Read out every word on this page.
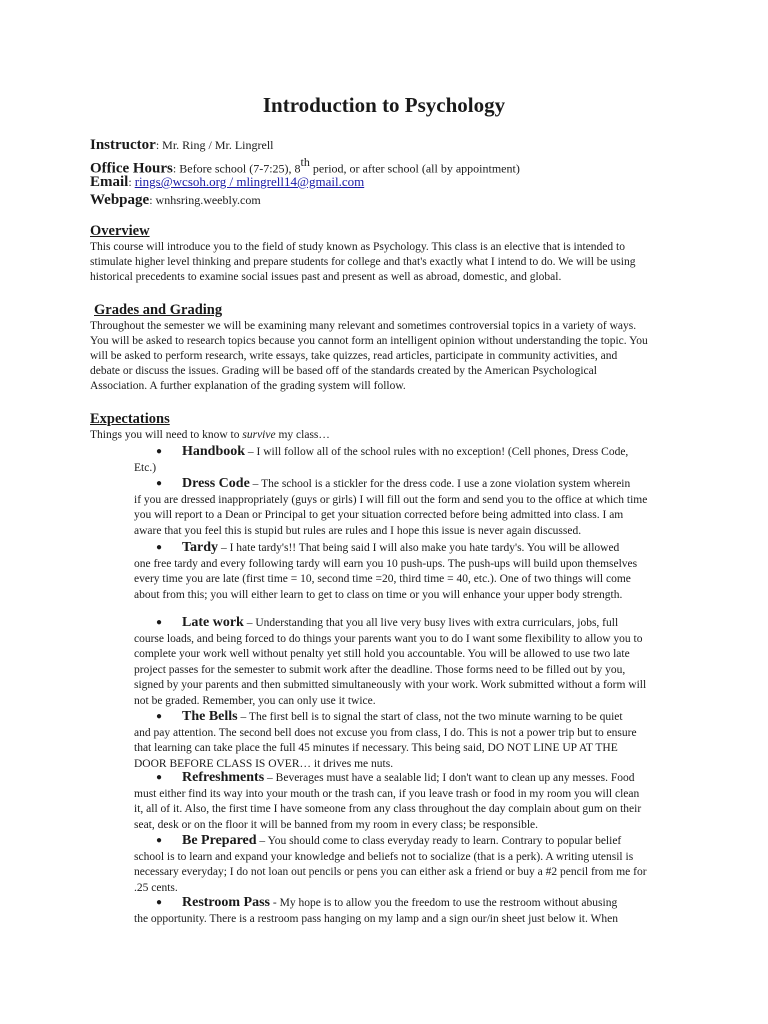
Introduction to Psychology
Instructor: Mr. Ring / Mr. Lingrell
Office Hours: Before school (7-7:25), 8th period, or after school (all by appointment)
Email: rings@wcsoh.org / mlingrell14@gmail.com
Webpage: wnhsring.weebly.com
Overview

This course will introduce you to the field of study known as Psychology. This class is an elective that is intended to stimulate higher level thinking and prepare students for college and that's exactly what I intend to do. We will be using historical precedents to examine social issues past and present as well as abroad, domestic, and global.

Grades and Grading

Throughout the semester we will be examining many relevant and sometimes controversial topics in a variety of ways. You will be asked to research topics because you cannot form an intelligent opinion without understanding the topic. You will be asked to perform research, write essays, take quizzes, read articles, participate in community activities, and debate or discuss the issues. Grading will be based off of the standards created by the American Psychological Association. A further explanation of the grading system will follow.

Expectations

Things you will need to know to survive my class…

●	Handbook – I will follow all of the school rules with no exception! (Cell phones, Dress Code,
Etc.)
●	Dress Code – The school is a stickler for the dress code. I use a zone violation system wherein
if you are dressed inappropriately (guys or girls) I will fill out the form and send you to the office at which time you will report to a Dean or Principal to get your situation corrected before being admitted into class. I am aware that you feel this is stupid but rules are rules and I hope this issue is never again discussed.
●	Tardy – I hate tardy's!! That being said I will also make you hate tardy's. You will be allowed
one free tardy and every following tardy will earn you 10 push-ups. The push-ups will build upon themselves every time you are late (first time = 10, second time =20, third time = 40, etc.). One of two things will come about from this; you will either learn to get to class on time or you will enhance your upper body strength.
●	Late work – Understanding that you all live very busy lives with extra curriculars, jobs, full
course loads, and being forced to do things your parents want you to do I want some flexibility to allow you to complete your work well without penalty yet still hold you accountable. You will be allowed to use two late project passes for the semester to submit work after the deadline. Those forms need to be filled out by you, signed by your parents and then submitted simultaneously with your work. Work submitted without a form will not be graded. Remember, you can only use it twice.
●	The Bells – The first bell is to signal the start of class, not the two minute warning to be quiet
and pay attention. The second bell does not excuse you from class, I do. This is not a power trip but to ensure that learning can take place the full 45 minutes if necessary. This being said, DO NOT LINE UP AT THE DOOR BEFORE CLASS IS OVER… it drives me nuts.
●	Refreshments – Beverages must have a sealable lid; I don't want to clean up any messes. Food
must either find its way into your mouth or the trash can, if you leave trash or food in my room you will clean it, all of it. Also, the first time I have someone from any class throughout the day complain about gum on their seat, desk or on the floor it will be banned from my room in every class; be responsible.
●	Be Prepared – You should come to class everyday ready to learn. Contrary to popular belief
school is to learn and expand your knowledge and beliefs not to socialize (that is a perk). A writing utensil is necessary everyday; I do not loan out pencils or pens you can either ask a friend or buy a #2 pencil from me for .25 cents.
●	Restroom Pass - My hope is to allow you the freedom to use the restroom without abusing
the opportunity. There is a restroom pass hanging on my lamp and a sign our/in sheet just below it. When
